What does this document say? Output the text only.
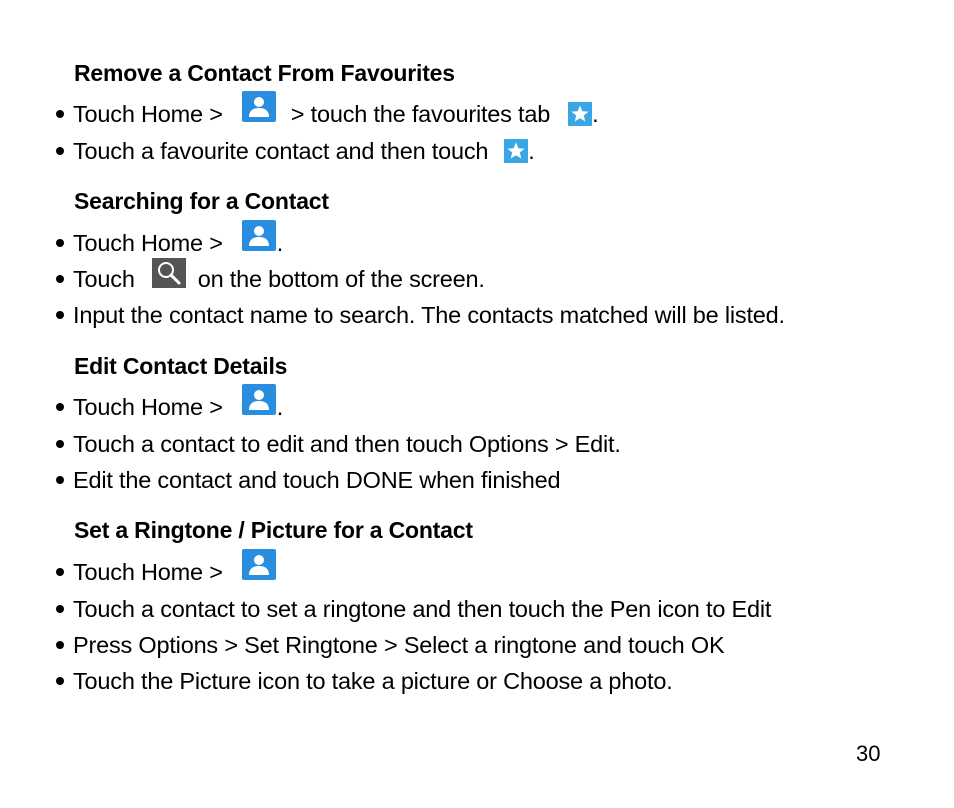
Remove a Contact From Favourites
Touch Home >	> touch the favourites tab .
Touch a favourite contact and then touch .
Searching for a Contact
Touch Home > .
Touch	on the bottom of the screen.
Input the contact name to search. The contacts matched will be listed.
Edit Contact Details
Touch Home > .
Touch a contact to edit and then touch Options > Edit.
Edit the contact and touch DONE when finished
Set a Ringtone / Picture for a Contact
Touch Home >
Touch a contact to set a ringtone and then touch the Pen icon to Edit
Press Options > Set Ringtone > Select a ringtone and touch OK
Touch the Picture icon to take a picture or Choose a photo.
30
